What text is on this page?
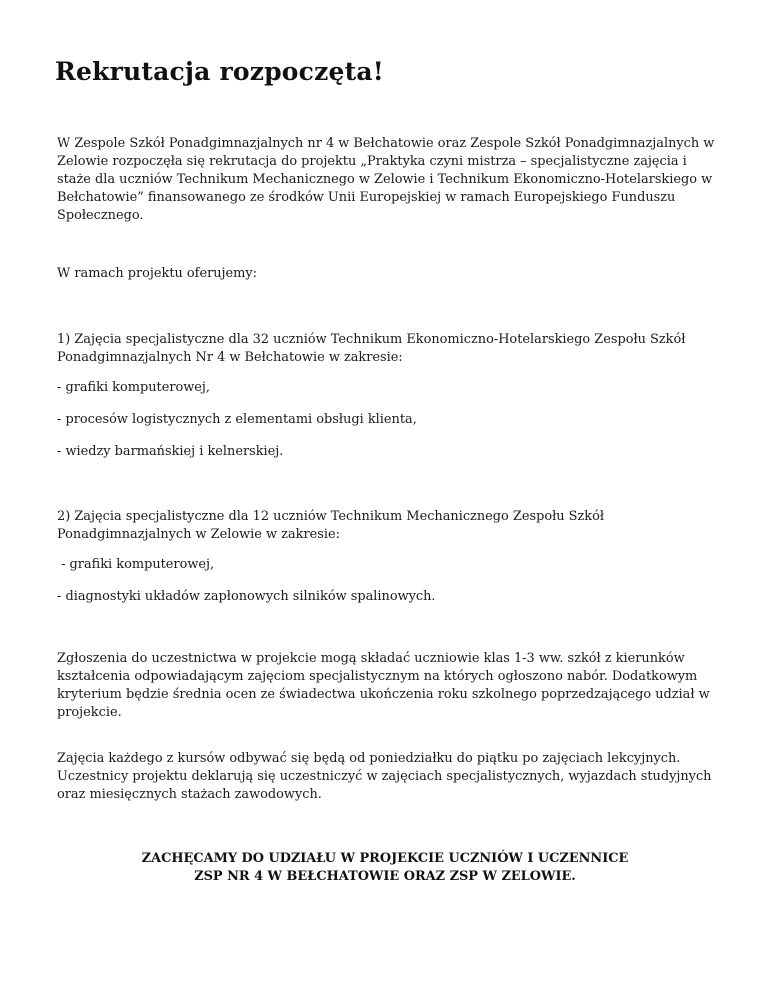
Rekrutacja rozpoczęta!

W Zespole Szkół Ponadgimnazjalnych nr 4 w Bełchatowie oraz Zespole Szkół Ponadgimnazjalnych w Zelowie rozpoczęła się rekrutacja do projektu „Praktyka czyni mistrza – specjalistyczne zajęcia i staże dla uczniów Technikum Mechanicznego w Zelowie i Technikum Ekonomiczno-Hotelarskiego w Bełchatowie” finansowanego ze środków Unii Europejskiej w ramach Europejskiego Funduszu Społecznego.

W ramach projektu oferujemy:

1) Zajęcia specjalistyczne dla 32 uczniów Technikum Ekonomiczno-Hotelarskiego Zespołu Szkół Ponadgimnazjalnych Nr 4 w Bełchatowie w zakresie:

- grafiki komputerowej,

- procesów logistycznych z elementami obsługi klienta,

- wiedzy barmańskiej i kelnerskiej.

2) Zajęcia specjalistyczne dla 12 uczniów Technikum Mechanicznego Zespołu Szkół Ponadgimnazjalnych w Zelowie w zakresie:

- grafiki komputerowej,

- diagnostyki układów zapłonowych silników spalinowych.

Zgłoszenia do uczestnictwa w projekcie mogą składać uczniowie klas 1-3 ww. szkół z kierunków kształcenia odpowiadającym zajęciom specjalistycznym na których ogłoszono nabór. Dodatkowym kryterium będzie średnia ocen ze świadectwa ukończenia roku szkolnego poprzedzającego udział w projekcie.

Zajęcia każdego z kursów odbywać się będą od poniedziałku do piątku po zajęciach lekcyjnych. Uczestnicy projektu deklarują się uczestniczyć w zajęciach specjalistycznych, wyjazdach studyjnych oraz miesięcznych stażach zawodowych.

ZACHĘCAMY DO UDZIAŁU W PROJEKCIE UCZNIÓW I UCZENNICE
ZSP NR 4 W BEŁCHATOWIE ORAZ ZSP W ZELOWIE.
